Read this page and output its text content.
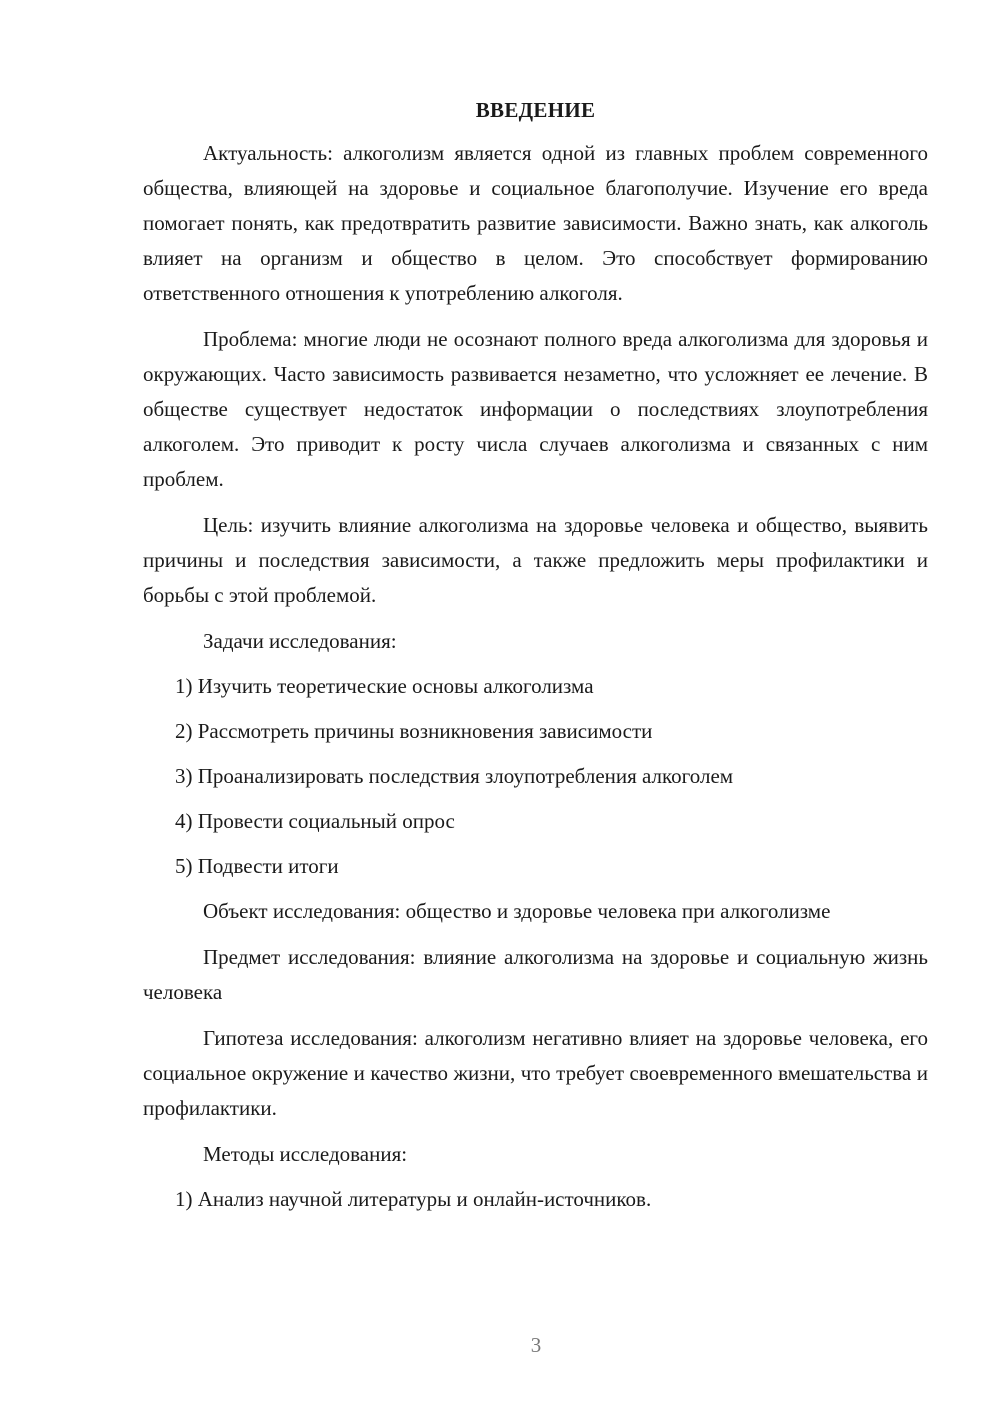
ВВЕДЕНИЕ

Актуальность: алкоголизм является одной из главных проблем современного общества, влияющей на здоровье и социальное благополучие. Изучение его вреда помогает понять, как предотвратить развитие зависимости. Важно знать, как алкоголь влияет на организм и общество в целом. Это способствует формированию ответственного отношения к употреблению алкоголя.

Проблема: многие люди не осознают полного вреда алкоголизма для здоровья и окружающих. Часто зависимость развивается незаметно, что усложняет ее лечение. В обществе существует недостаток информации о последствиях злоупотребления алкоголем. Это приводит к росту числа случаев алкоголизма и связанных с ним проблем.

Цель: изучить влияние алкоголизма на здоровье человека и общество, выявить причины и последствия зависимости, а также предложить меры профилактики и борьбы с этой проблемой.

Задачи исследования:
1) Изучить теоретические основы алкоголизма
2) Рассмотреть причины возникновения зависимости
3) Проанализировать последствия злоупотребления алкоголем
4) Провести социальный опрос
5) Подвести итоги

Объект исследования: общество и здоровье человека при алкоголизме

Предмет исследования: влияние алкоголизма на здоровье и социальную жизнь человека

Гипотеза исследования: алкоголизм негативно влияет на здоровье человека, его социальное окружение и качество жизни, что требует своевременного вмешательства и профилактики.

Методы исследования:
1) Анализ научной литературы и онлайн-источников.
3
